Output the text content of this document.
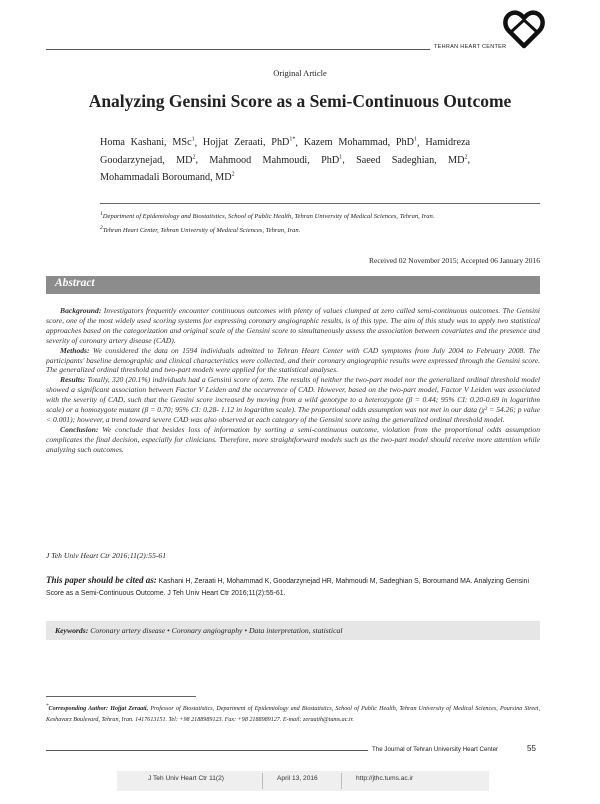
TEHRAN HEART CENTER
Original Article
Analyzing Gensini Score as a Semi-Continuous Outcome
Homa Kashani, MSc$^1$, Hojjat Zeraati, PhD$^{1*}$, Kazem Mohammad, PhD$^1$, Hamidreza Goodarzynejad, $MD^2$, Mahmood Mahmoudi, PhD$^1$, Saeed Sadeghian, $MD^2$, Mohammadali Boroumand, $MD^2$
$^1$Department of Epidemiology and Biostatistics, School of Public Health, Tehran University of Medical Sciences, Tehran, Iran.
$^2$Tehran Heart Center, Tehran University of Medical Sciences, Tehran, Iran.
Received 02 November 2015; Accepted 06 January 2016
Abstract

Background: Investigators frequently encounter continuous outcomes with plenty of values clumped at zero called semi-continuous outcomes. The Gensini score, one of the most widely used scoring systems for expressing coronary angiographic results, is of this type. The aim of this study was to apply two statistical approaches based on the categorization and original scale of the Gensini score to simultaneously assess the association between covariates and the presence and severity of coronary artery disease (CAD).

Methods: We considered the data on 1594 individuals admitted to Tehran Heart Center with CAD symptoms from July 2004 to February 2008. The participants' baseline demographic and clinical characteristics were collected, and their coronary angiographic results were expressed through the Gensini score. The generalized ordinal threshold and two-part models were applied for the statistical analyses.

Results: Totally, 320 (20.1%) individuals had a Gensini score of zero. The results of neither the two-part model nor the generalized ordinal threshold model showed a significant association between Factor V Leiden and the occurrence of CAD. However, based on the two-part model, Factor V Leiden was associated with the severity of CAD, such that the Gensini score increased by moving from a wild genotype to a heterozygote (β = 0.44; 95% CI: 0.20-0.69 in logarithm scale) or a homozygote mutant (β = 0.70; 95% CI: 0.28- 1.12 in logarithm scale). The proportional odds assumption was not met in our data (χ² = 54.26; p value < 0.001); however, a trend toward severe CAD was also observed at each category of the Gensini score using the generalized ordinal threshold model.

Conclusion: We conclude that besides loss of information by sorting a semi-continuous outcome, violation from the proportional odds assumption complicates the final decision, especially for clinicians. Therefore, more straightforward models such as the two-part model should receive more attention while analyzing such outcomes.

J Teh Univ Heart Ctr 2016;11(2):55-61
This paper should be cited as: Kashani H, Zeraati H, Mohammad K, Goodarzynejad HR, Mahmoudi M, Sadeghian S, Boroumand MA. Analyzing Gensini Score as a Semi-Continuous Outcome. J Teh Univ Heart Ctr 2016;11(2):55-61.
Keywords: Coronary artery disease • Coronary angiography • Data interpretation, statistical
*Corresponding Author: Hojjat Zeraati, Professor of Biostatistics, Department of Epidemiology and Biostatistics, School of Public Health, Tehran University of Medical Sciences, Poursina Street, Keshavarz Boulevard, Tehran, Iran. 1417613151. Tel: +98 2188989123. Fax: +98 2188989127. E-mail: zeraatih@tums.ac.ir.
The Journal of Tehran University Heart Center	55
J Teh Univ Heart Ctr 11(2)	April 13, 2016	http://jthc.tums.ac.ir
